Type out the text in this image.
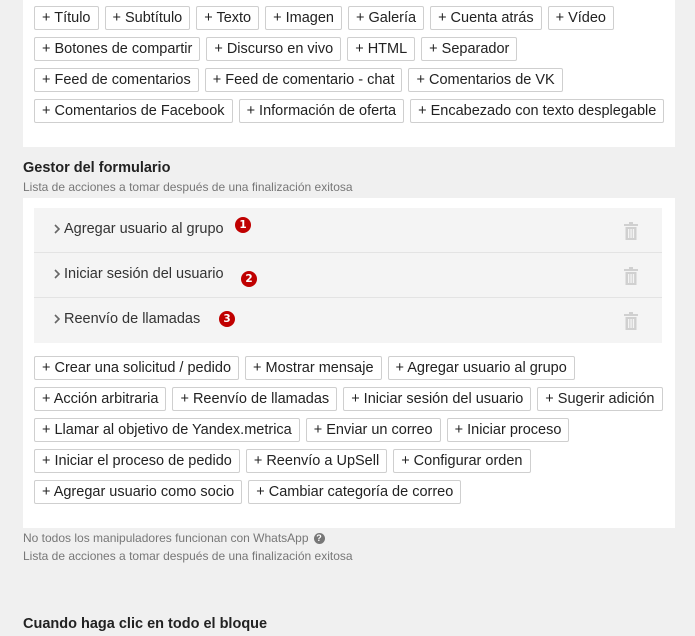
+ Título	+ Subtítulo	+ Texto	+ Imagen	+ Galería	+ Cuenta atrás	+ Vídeo
+ Botones de compartir	+ Discurso en vivo	+ HTML	+ Separador
+ Feed de comentarios	+ Feed de comentario - chat	+ Comentarios de VK
+ Comentarios de Facebook	+ Información de oferta	+ Encabezado con texto desplegable
Gestor del formulario
Lista de acciones a tomar después de una finalización exitosa
Agregar usuario al grupo	1
Iniciar sesión del usuario	2
Reenvío de llamadas	3
+ Crear una solicitud / pedido	+ Mostrar mensaje	+ Agregar usuario al grupo
+ Acción arbitraria	+ Reenvío de llamadas	+ Iniciar sesión del usuario	+ Sugerir adición
+ Llamar al objetivo de Yandex.metrica	+ Enviar un correo	+ Iniciar proceso
+ Iniciar el proceso de pedido	+ Reenvío a UpSell	+ Configurar orden
+ Agregar usuario como socio	+ Cambiar categoría de correo
No todos los manipuladores funcionan con WhatsApp ?
Lista de acciones a tomar después de una finalización exitosa
Cuando haga clic en todo el bloque
